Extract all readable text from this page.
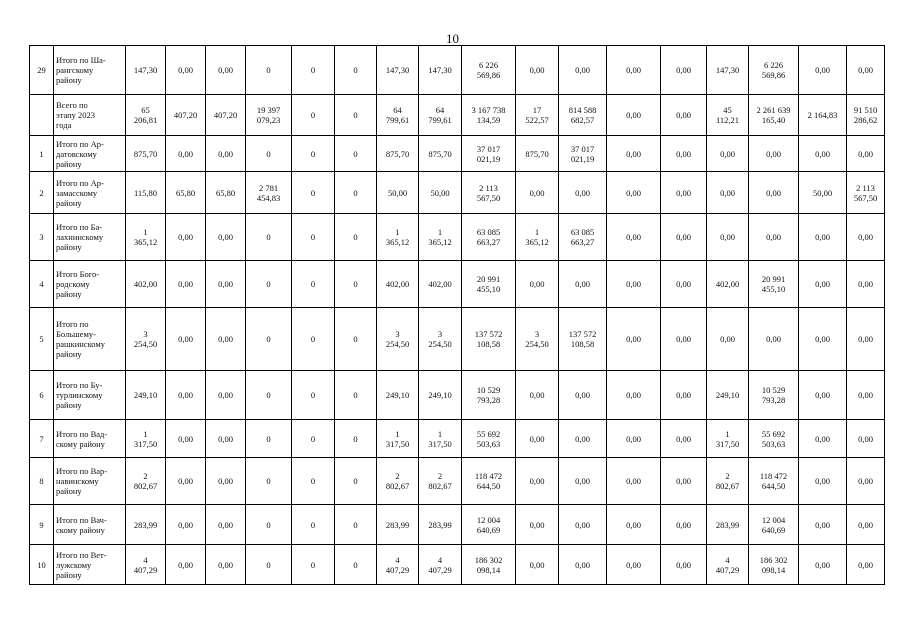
10
29	Итого по Ша-
рангскому
району	147,30	0,00	0,00	0	0	0	147,30	147,30	6 226
569,86	0,00	0,00	0,00	0,00	147,30	6 226
569,86	0,00	0,00
	Всего по
этапу 2023
года	65
206,81	407,20	407,20	19 397
079,23	0	0	64
799,61	64
799,61	3 167 738
134,59	17
522,57	814 588
682,57	0,00	0,00	45
112,21	2 261 639
165,40	2 164,83	91 510
286,62
1	Итого по Ар-
датовскому
району	875,70	0,00	0,00	0	0	0	875,70	875,70	37 017
021,19	875,70	37 017
021,19	0,00	0,00	0,00	0,00	0,00	0,00
2	Итого по Ар-
замасскому
району	115,80	65,80	65,80	2 781
454,83	0	0	50,00	50,00	2 113
567,50	0,00	0,00	0,00	0,00	0,00	0,00	50,00	2 113
567,50
3	Итого по Ба-
лахнинскому
району	1
365,12	0,00	0,00	0	0	0	1
365,12	1
365,12	63 085
663,27	1
365,12	63 085
663,27	0,00	0,00	0,00	0,00	0,00	0,00
4	Итого Бого-
родскому
району	402,00	0,00	0,00	0	0	0	402,00	402,00	20 991
455,10	0,00	0,00	0,00	0,00	402,00	20 991
455,10	0,00	0,00
5	Итого по
Большему-
рашкинскому
району	3
254,50	0,00	0,00	0	0	0	3
254,50	3
254,50	137 572
108,58	3
254,50	137 572
108,58	0,00	0,00	0,00	0,00	0,00	0,00
6	Итого по Бу-
турлинскому
району	249,10	0,00	0,00	0	0	0	249,10	249,10	10 529
793,28	0,00	0,00	0,00	0,00	249,10	10 529
793,28	0,00	0,00
7	Итого по Вад-
скому району	1
317,50	0,00	0,00	0	0	0	1
317,50	1
317,50	55 692
503,63	0,00	0,00	0,00	0,00	1
317,50	55 692
503,63	0,00	0,00
8	Итого по Вар-
навинскому
району	2
802,67	0,00	0,00	0	0	0	2
802,67	2
802,67	118 472
644,50	0,00	0,00	0,00	0,00	2
802,67	118 472
644,50	0,00	0,00
9	Итого по Вач-
скому району	283,99	0,00	0,00	0	0	0	283,99	283,99	12 004
640,69	0,00	0,00	0,00	0,00	283,99	12 004
640,69	0,00	0,00
10	Итого по Вет-
лужскому
району	4
407,29	0,00	0,00	0	0	0	4
407,29	4
407,29	186 302
098,14	0,00	0,00	0,00	0,00	4
407,29	186 302
098,14	0,00	0,00
